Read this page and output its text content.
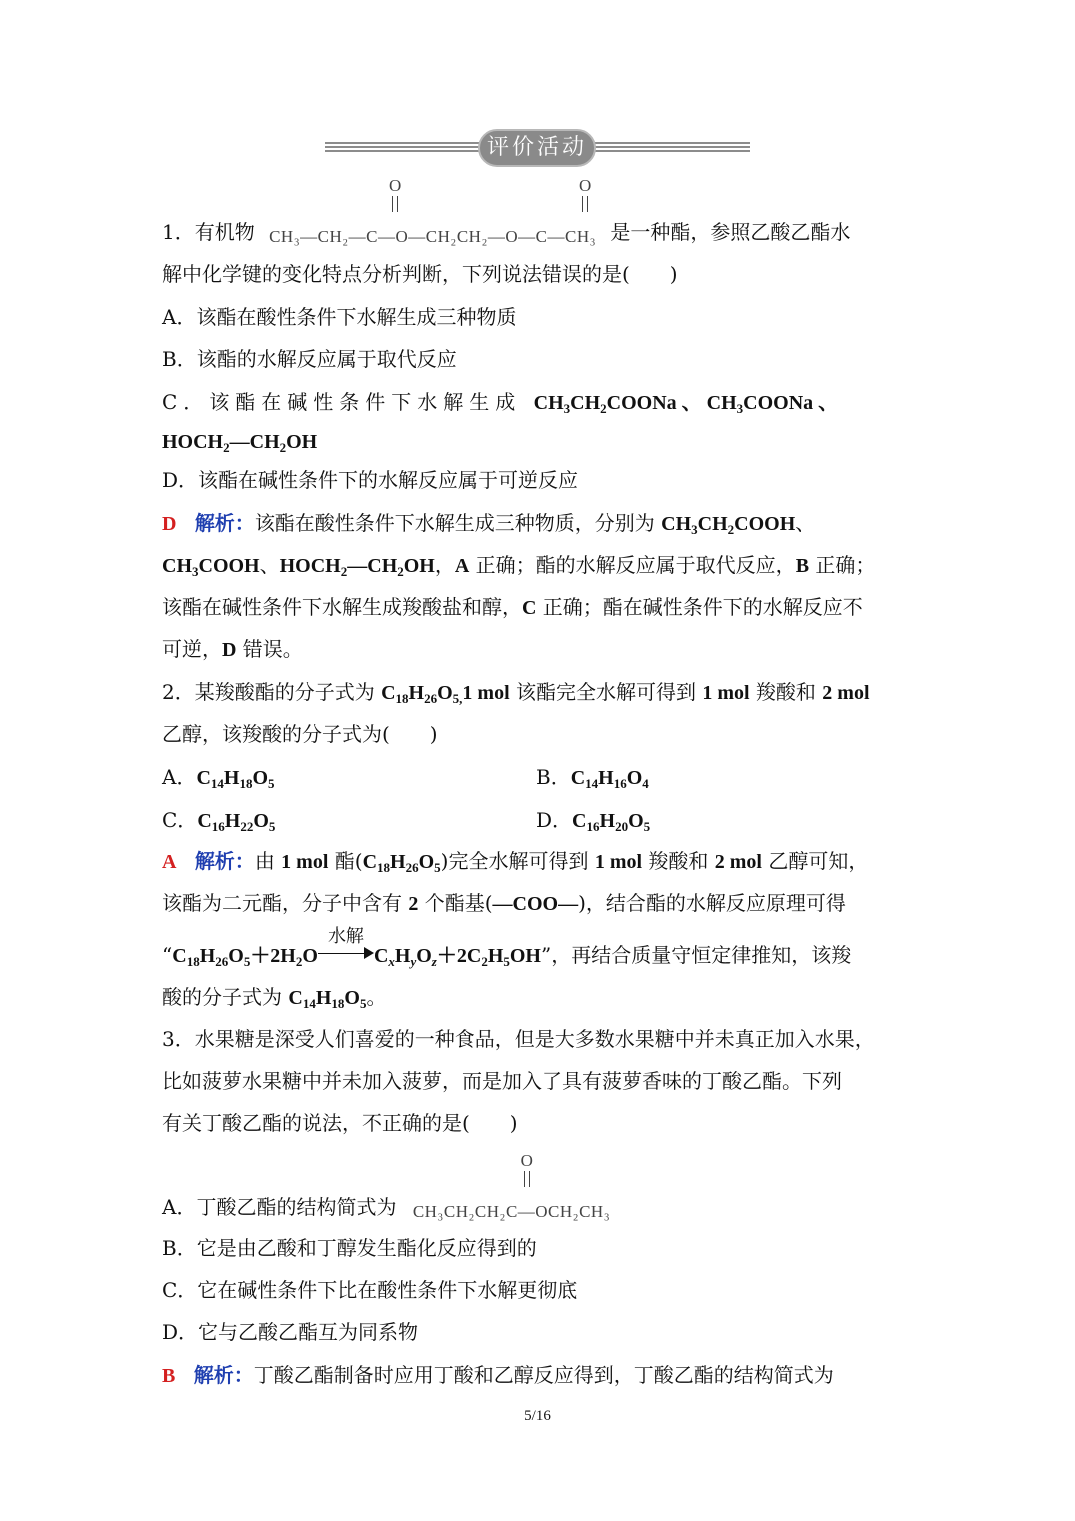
评价活动
1．有机物 CH₃—CH₂—C—O—CH₂CH₂—O—C—CH₃
O	O
是一种酯，参照乙酸乙酯水
解中化学键的变化特点分析判断，下列说法错误的是(　　)
A．该酯在酸性条件下水解生成三种物质
B．该酯的水解反应属于取代反应
C．该酯在碱性条件下水解生成 $CH_3CH_2COONa$ 、 $CH_3COONa$ 、
$HOCH_2—CH_2OH$
D．该酯在碱性条件下的水解反应属于可逆反应
D 解析：该酯在酸性条件下水解生成三种物质，分别为 $CH_3CH_2COOH$、
$CH_3COOH$、$HOCH_2—CH_2OH$，A 正确；酯的水解反应属于取代反应，B 正确；
该酯在碱性条件下水解生成羧酸盐和醇，C 正确；酯在碱性条件下的水解反应不
可逆，D 错误。
2．某羧酸酯的分子式为 $C_{18}H_{26}O_{5,}1$ mol 该酯完全水解可得到 1 mol 羧酸和 2 mol
乙醇，该羧酸的分子式为(　　)
A．$C_{14}H_{18}O_5$	B．$C_{14}H_{16}O_4$
C．$C_{16}H_{22}O_5$	D．$C_{16}H_{20}O_5$
A 解析：由 1 mol 酯$(C_{18}H_{26}O_5)$完全水解可得到 1 mol 羧酸和 2 mol 乙醇可知，
该酯为二元酯，分子中含有 2 个酯基(—COO—)，结合酯的水解反应原理可得
“$C_{18}H_{26}O_5+2H_2O$
水解
$C_xH_yO_z+2C_2H_5OH$”，再结合质量守恒定律推知，该羧
酸的分子式为 $C_{14}H_{18}O_5$。
3．水果糖是深受人们喜爱的一种食品，但是大多数水果糖中并未真正加入水果，
比如菠萝水果糖中并未加入菠萝，而是加入了具有菠萝香味的丁酸乙酯。下列
有关丁酸乙酯的说法，不正确的是(　　)
A．丁酸乙酯的结构简式为 CH₃CH₂CH₂C—OCH₂CH₃
O
B．它是由乙酸和丁醇发生酯化反应得到的
C．它在碱性条件下比在酸性条件下水解更彻底
D．它与乙酸乙酯互为同系物
B 解析：丁酸乙酯制备时应用丁酸和乙醇反应得到，丁酸乙酯的结构简式为
5/16
